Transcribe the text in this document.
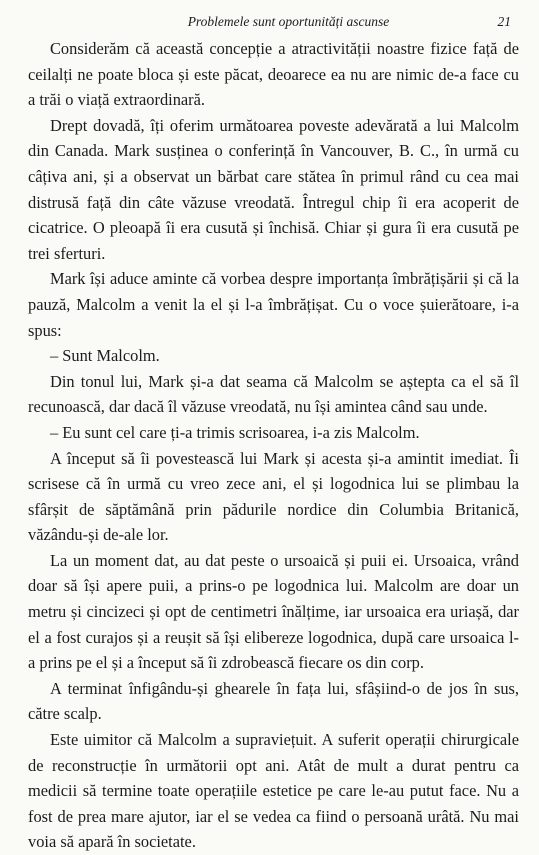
Problemele sunt oportunități ascunse	21

Considerăm că această concepție a atractivității noastre fizice față de ceilalți ne poate bloca și este păcat, deoarece ea nu are nimic de-a face cu a trăi o viață extraordinară.

Drept dovadă, îți oferim următoarea poveste adevărată a lui Malcolm din Canada. Mark susținea o conferință în Vancouver, B. C., în urmă cu câțiva ani, și a observat un bărbat care stătea în primul rând cu cea mai distrusă față din câte văzuse vreodată. Întregul chip îi era acoperit de cicatrice. O pleoapă îi era cusută și închisă. Chiar și gura îi era cusută pe trei sferturi.

Mark își aduce aminte că vorbea despre importanța îmbrățișării și că la pauză, Malcolm a venit la el și l-a îmbrățișat. Cu o voce șuierătoare, i-a spus:

– Sunt Malcolm.

Din tonul lui, Mark și-a dat seama că Malcolm se aștepta ca el să îl recunoască, dar dacă îl văzuse vreodată, nu își amintea când sau unde.

– Eu sunt cel care ți-a trimis scrisoarea, i-a zis Malcolm.

A început să îi povestească lui Mark și acesta și-a amintit imediat. Îi scrisese că în urmă cu vreo zece ani, el și logodnica lui se plimbau la sfârșit de săptămână prin pădurile nordice din Columbia Britanică, văzându-și de-ale lor.

La un moment dat, au dat peste o ursoaică și puii ei. Ursoaica, vrând doar să își apere puii, a prins-o pe logodnica lui. Malcolm are doar un metru și cincizeci și opt de centimetri înălțime, iar ursoaica era uriașă, dar el a fost curajos și a reușit să își elibereze logodnica, după care ursoaica l-a prins pe el și a început să îi zdrobească fiecare os din corp.

A terminat înfigându-și ghearele în fața lui, sfâșiind-o de jos în sus, către scalp.

Este uimitor că Malcolm a supraviețuit. A suferit operații chirurgicale de reconstrucție în următorii opt ani. Atât de mult a durat pentru ca medicii să termine toate operațiile estetice pe care le-au putut face. Nu a fost de prea mare ajutor, iar el se vedea ca fiind o persoană urâtă. Nu mai voia să apară în societate.
